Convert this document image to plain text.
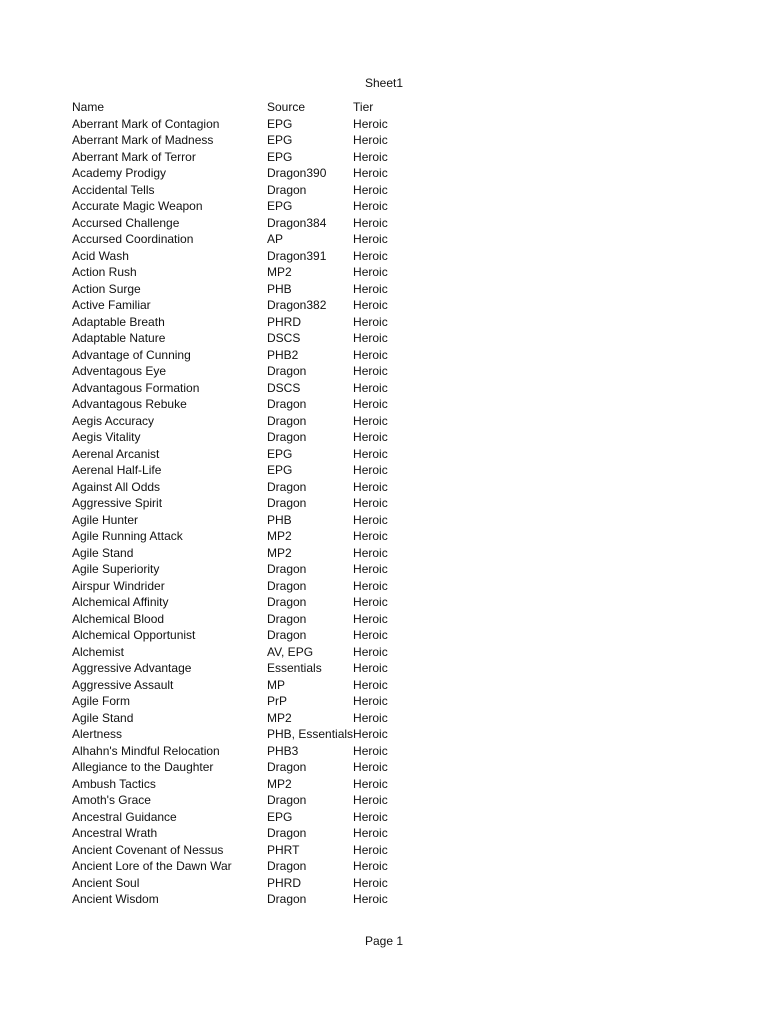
Sheet1
Name	Source	Tier
Aberrant Mark of Contagion	EPG	Heroic
Aberrant Mark of Madness	EPG	Heroic
Aberrant Mark of Terror	EPG	Heroic
Academy Prodigy	Dragon390	Heroic
Accidental Tells	Dragon	Heroic
Accurate Magic Weapon	EPG	Heroic
Accursed Challenge	Dragon384	Heroic
Accursed Coordination	AP	Heroic
Acid Wash	Dragon391	Heroic
Action Rush	MP2	Heroic
Action Surge	PHB	Heroic
Active Familiar	Dragon382	Heroic
Adaptable Breath	PHRD	Heroic
Adaptable Nature	DSCS	Heroic
Advantage of Cunning	PHB2	Heroic
Adventagous Eye	Dragon	Heroic
Advantagous Formation	DSCS	Heroic
Advantagous Rebuke	Dragon	Heroic
Aegis Accuracy	Dragon	Heroic
Aegis Vitality	Dragon	Heroic
Aerenal Arcanist	EPG	Heroic
Aerenal Half-Life	EPG	Heroic
Against All Odds	Dragon	Heroic
Aggressive Spirit	Dragon	Heroic
Agile Hunter	PHB	Heroic
Agile Running Attack	MP2	Heroic
Agile Stand	MP2	Heroic
Agile Superiority	Dragon	Heroic
Airspur Windrider	Dragon	Heroic
Alchemical Affinity	Dragon	Heroic
Alchemical Blood	Dragon	Heroic
Alchemical Opportunist	Dragon	Heroic
Alchemist	AV, EPG	Heroic
Aggressive Advantage	Essentials	Heroic
Aggressive Assault	MP	Heroic
Agile Form	PrP	Heroic
Agile Stand	MP2	Heroic
Alertness	PHB, Essentials	Heroic
Alhahn's Mindful Relocation	PHB3	Heroic
Allegiance to the Daughter	Dragon	Heroic
Ambush Tactics	MP2	Heroic
Amoth's Grace	Dragon	Heroic
Ancestral Guidance	EPG	Heroic
Ancestral Wrath	Dragon	Heroic
Ancient Covenant of Nessus	PHRT	Heroic
Ancient Lore of the Dawn War	Dragon	Heroic
Ancient Soul	PHRD	Heroic
Ancient Wisdom	Dragon	Heroic
Page 1
